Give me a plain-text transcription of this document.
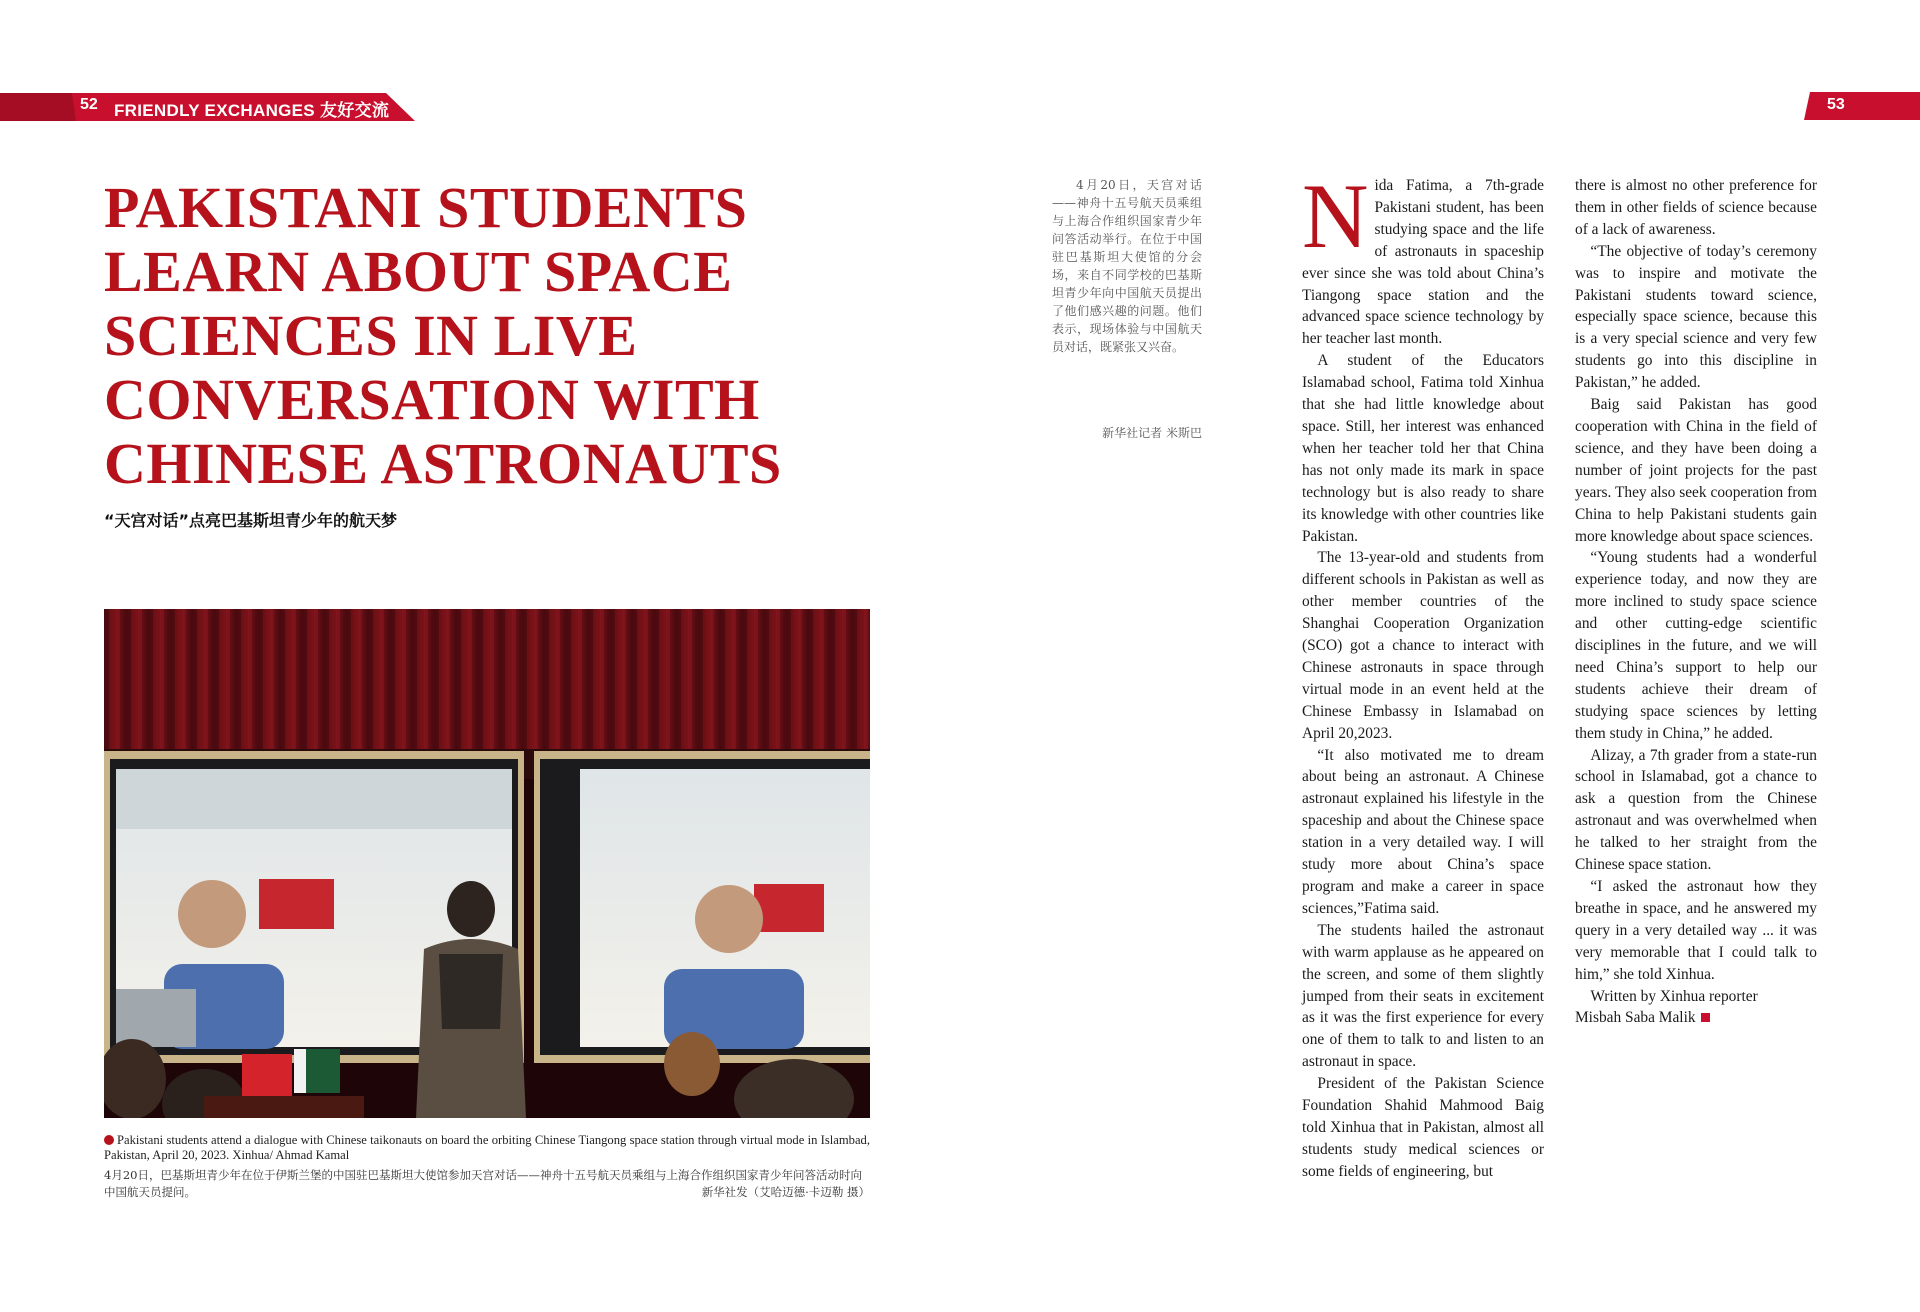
52 FRIENDLY EXCHANGES 友好交流	53
PAKISTANI STUDENTS
LEARN ABOUT SPACE
SCIENCES IN LIVE
CONVERSATION WITH
CHINESE ASTRONAUTS
“天宫对话”点亮巴基斯坦青少年的航天梦
Pakistani students attend a dialogue with Chinese taikonauts on board the orbiting Chinese Tiangong space station through virtual mode in Islambad, Pakistan, April 20, 2023. Xinhua/ Ahmad Kamal
4月20日，巴基斯坦青少年在位于伊斯兰堡的中国驻巴基斯坦大使馆参加天宫对话——神舟十五号航天员乘组与上海合作组织国家青少年问答活动时向中国航天员提问。	新华社发（艾哈迈德·卡迈勒 摄）

4月20日，天宫对话——神舟十五号航天员乘组与上海合作组织国家青少年问答活动举行。在位于中国驻巴基斯坦大使馆的分会场，来自不同学校的巴基斯坦青少年向中国航天员提出了他们感兴趣的问题。他们表示，现场体验与中国航天员对话，既紧张又兴奋。

新华社记者 米斯巴

Nida Fatima, a 7th-grade Pakistani student, has been studying space and the life of astronauts in spaceship ever since she was told about China’s Tiangong space station and the advanced space science technology by her teacher last month.

A student of the Educators Islamabad school, Fatima told Xinhua that she had little knowledge about space. Still, her interest was enhanced when her teacher told her that China has not only made its mark in space technology but is also ready to share its knowledge with other countries like Pakistan.

The 13-year-old and students from different schools in Pakistan as well as other member countries of the Shanghai Cooperation Organization (SCO) got a chance to interact with Chinese astronauts in space through virtual mode in an event held at the Chinese Embassy in Islamabad on April 20,2023.

“It also motivated me to dream about being an astronaut. A Chinese astronaut explained his lifestyle in the spaceship and about the Chinese space station in a very detailed way. I will study more about China’s space program and make a career in space sciences,”Fatima said.

The students hailed the astronaut with warm applause as he appeared on the screen, and some of them slightly jumped from their seats in excitement as it was the first experience for every one of them to talk to and listen to an astronaut in space.

President of the Pakistan Science Foundation Shahid Mahmood Baig told Xinhua that in Pakistan, almost all students study medical sciences or some fields of engineering, but

there is almost no other preference for them in other fields of science because of a lack of awareness.

“The objective of today’s ceremony was to inspire and motivate the Pakistani students toward science, especially space science, because this is a very special science and very few students go into this discipline in Pakistan,” he added.

Baig said Pakistan has good cooperation with China in the field of science, and they have been doing a number of joint projects for the past years. They also seek cooperation from China to help Pakistani students gain more knowledge about space sciences.

“Young students had a wonderful experience today, and now they are more inclined to study space science and other cutting-edge scientific disciplines in the future, and we will need China’s support to help our students achieve their dream of studying space sciences by letting them study in China,” he added.

Alizay, a 7th grader from a state-run school in Islamabad, got a chance to ask a question from the Chinese astronaut and was overwhelmed when he talked to her straight from the Chinese space station.

“I asked the astronaut how they breathe in space, and he answered my query in a very detailed way ... it was very memorable that I could talk to him,” she told Xinhua.

Written by Xinhua reporter
Misbah Saba Malik
